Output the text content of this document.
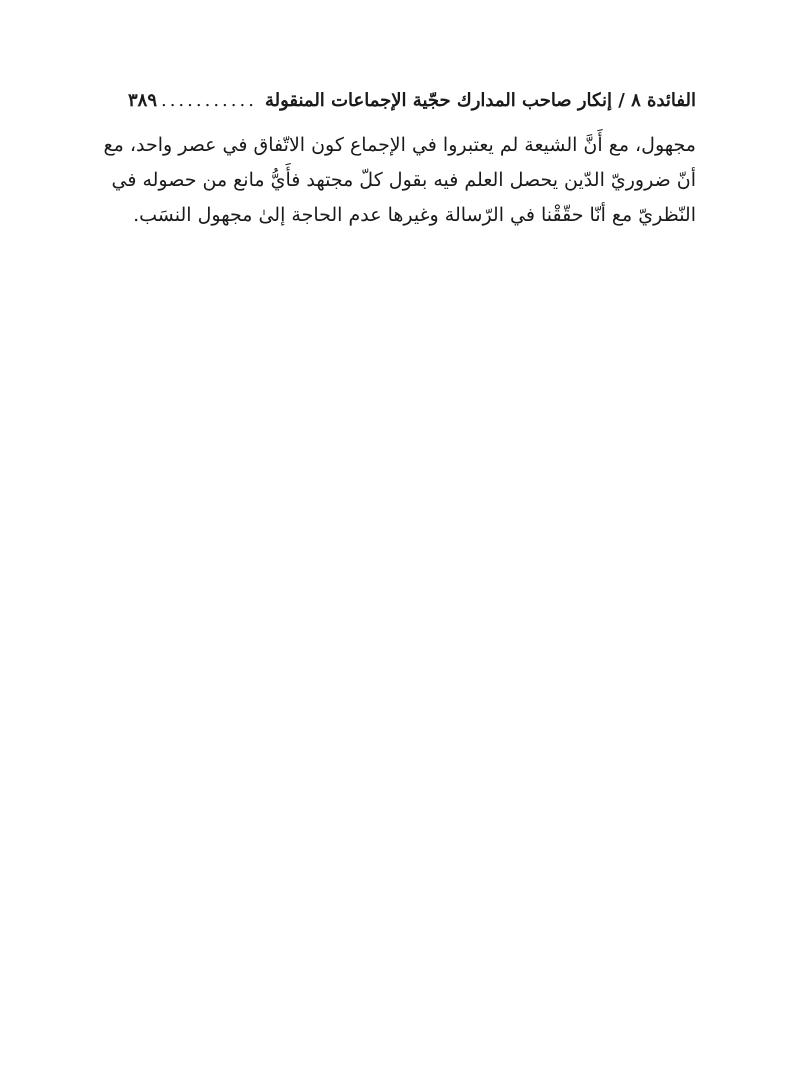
الفائدة ٨ / إنكار صاحب المدارك حجّية الإجماعات المنقولة
...........
٣٨٩
مجهول، مع أَنَّ الشيعة لم يعتبروا في الإجماع كون الاتّفاق في عصر واحد، مع
أنّ ضروريّ الدّين يحصل العلم فيه بقول كلّ مجتهد فأَيُّ مانع من حصوله في
النّظريّ مع أنّا حقّقْنا في الرّسالة وغيرها عدم الحاجة إلىٰ مجهول النسَب.
